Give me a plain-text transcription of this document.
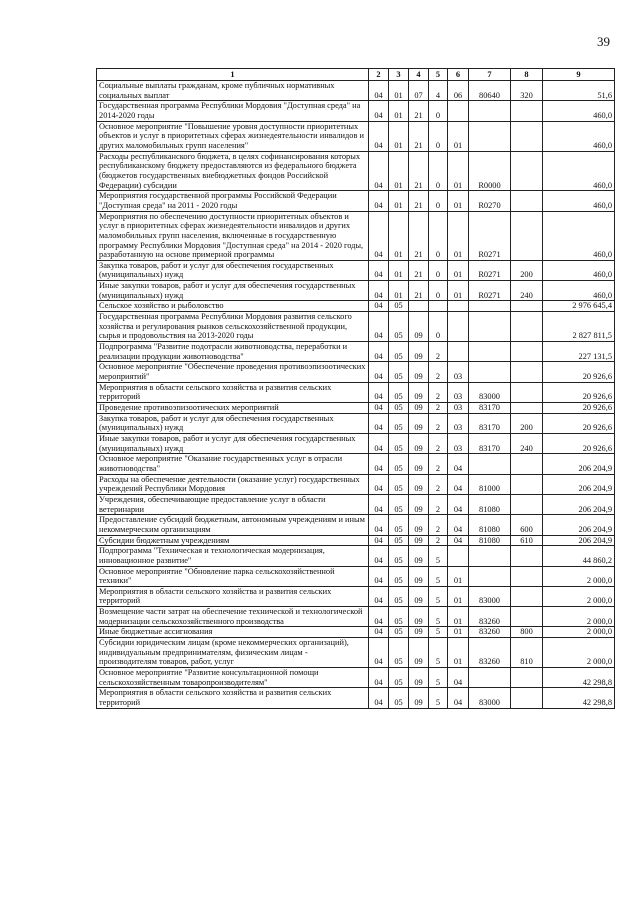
39
1	2	3	4	5	6	7	8	9
Социальные выплаты гражданам, кроме публичных нормативных социальных выплат	04	01	07	4	06	80640	320	51,6
Государственная программа Республики Мордовия "Доступная среда" на 2014-2020 годы	04	01	21	0				460,0
Основное мероприятие "Повышение уровня доступности приоритетных объектов и услуг в приоритетных сферах жизнедеятельности инвалидов и других маломобильных групп населения"	04	01	21	0	01			460,0
Расходы республиканского бюджета, в целях софинансирования которых республиканскому бюджету предоставляются из федерального бюджета (бюджетов государственных внебюджетных фондов Российской Федерации) субсидии	04	01	21	0	01	R0000		460,0
Мероприятия государственной программы Российской Федерации "Доступная среда" на 2011 - 2020 годы	04	01	21	0	01	R0270		460,0
Мероприятия по обеспечению доступности приоритетных объектов и услуг в приоритетных сферах жизнедеятельности инвалидов и других маломобильных групп населения, включенные в государственную программу Республики Мордовия "Доступная среда" на 2014 - 2020 годы, разработанную на основе примерной программы	04	01	21	0	01	R0271		460,0
Закупка товаров, работ и услуг для обеспечения государственных (муниципальных) нужд	04	01	21	0	01	R0271	200	460,0
Иные закупки товаров, работ и услуг для обеспечения государственных (муниципальных) нужд	04	01	21	0	01	R0271	240	460,0
Сельское хозяйство и рыболовство	04	05						2 976 645,4
Государственная программа Республики Мордовия развития сельского хозяйства и регулирования рынков сельскохозяйственной продукции, сырья и продовольствия на 2013-2020 годы	04	05	09	0				2 827 811,5
Подпрограмма "Развитие подотрасли животноводства, переработки и реализации продукции животноводства"	04	05	09	2				227 131,5
Основное мероприятие "Обеспечение проведения противоэпизоотических мероприятий"	04	05	09	2	03			20 926,6
Мероприятия в области сельского хозяйства и развития сельских территорий	04	05	09	2	03	83000		20 926,6
Проведение противоэпизоотических мероприятий	04	05	09	2	03	83170		20 926,6
Закупка товаров, работ и услуг для обеспечения государственных (муниципальных) нужд	04	05	09	2	03	83170	200	20 926,6
Иные закупки товаров, работ и услуг для обеспечения государственных (муниципальных) нужд	04	05	09	2	03	83170	240	20 926,6
Основное мероприятие "Оказание государственных услуг в отрасли животноводства"	04	05	09	2	04			206 204,9
Расходы на обеспечение деятельности (оказание услуг) государственных учреждений Республики Мордовия	04	05	09	2	04	81000		206 204,9
Учреждения, обеспечивающие предоставление услуг в области ветеринарии	04	05	09	2	04	81080		206 204,9
Предоставление субсидий бюджетным, автономным учреждениям и иным некоммерческим организациям	04	05	09	2	04	81080	600	206 204,9
Субсидии бюджетным учреждениям	04	05	09	2	04	81080	610	206 204,9
Подпрограмма "Техническая и технологическая модернизация, инновационное развитие"	04	05	09	5				44 860,2
Основное мероприятие "Обновление парка сельскохозяйственной техники"	04	05	09	5	01			2 000,0
Мероприятия в области сельского хозяйства и развития сельских территорий	04	05	09	5	01	83000		2 000,0
Возмещение части затрат на обеспечение технической и технологической модернизации сельскохозяйственного производства	04	05	09	5	01	83260		2 000,0
Иные бюджетные ассигнования	04	05	09	5	01	83260	800	2 000,0
Субсидии юридическим лицам (кроме некоммерческих организаций), индивидуальным предпринимателям, физическим лицам - производителям товаров, работ, услуг	04	05	09	5	01	83260	810	2 000,0
Основное мероприятие "Развитие консультационной помощи сельскохозяйственным товаропроизводителям"	04	05	09	5	04			42 298,8
Мероприятия в области сельского хозяйства и развития сельских территорий	04	05	09	5	04	83000		42 298,8
